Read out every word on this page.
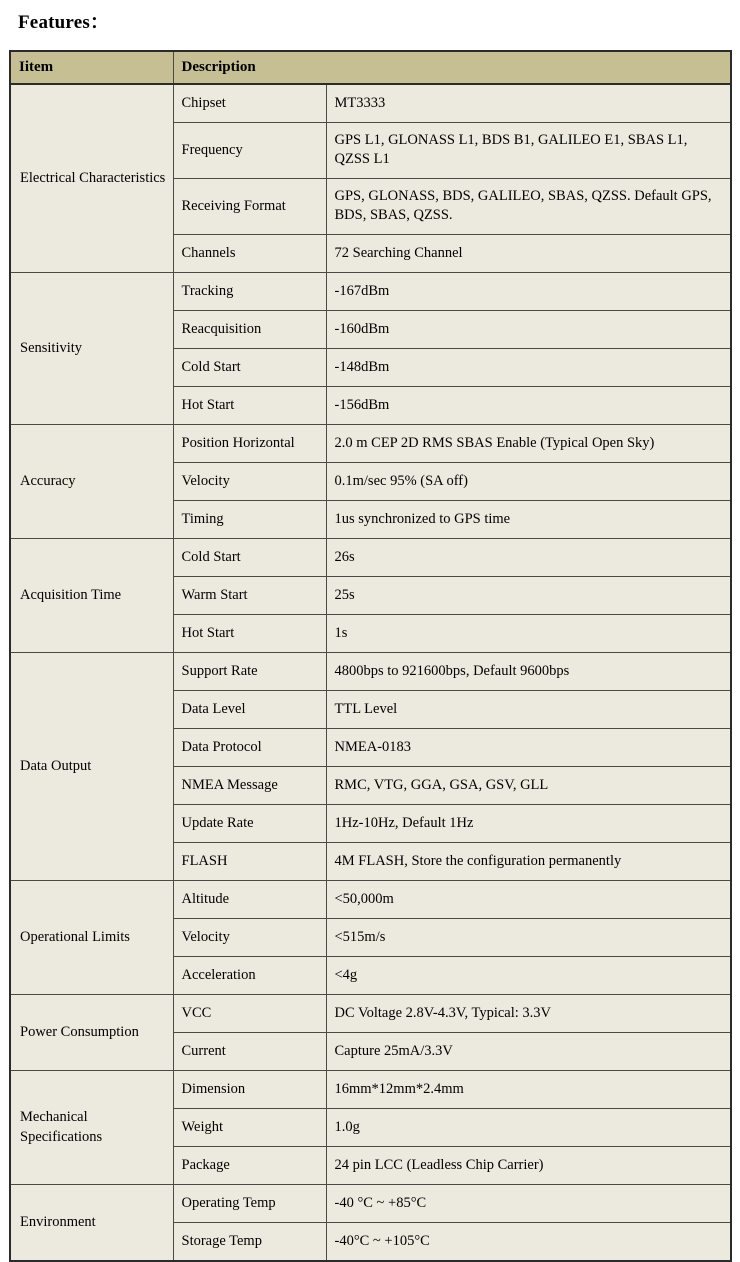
Features：
Iitem	Description	
Electrical Characteristics	Chipset	MT3333
	Frequency	GPS L1, GLONASS L1, BDS B1, GALILEO E1, SBAS L1, QZSS L1
	Receiving Format	GPS, GLONASS, BDS, GALILEO, SBAS, QZSS. Default GPS, BDS, SBAS, QZSS.
	Channels	72 Searching Channel
Sensitivity	Tracking	-167dBm
	Reacquisition	-160dBm
	Cold Start	-148dBm
	Hot Start	-156dBm
Accuracy	Position Horizontal	2.0 m CEP 2D RMS SBAS Enable (Typical Open Sky)
	Velocity	0.1m/sec 95% (SA off)
	Timing	1us synchronized to GPS time
Acquisition Time	Cold Start	26s
	Warm Start	25s
	Hot Start	1s
Data Output	Support Rate	4800bps to 921600bps, Default 9600bps
	Data Level	TTL Level
	Data Protocol	NMEA-0183
	NMEA Message	RMC, VTG, GGA, GSA, GSV, GLL
	Update Rate	1Hz-10Hz, Default 1Hz
	FLASH	4M FLASH, Store the configuration permanently
Operational Limits	Altitude	<50,000m
	Velocity	<515m/s
	Acceleration	<4g
Power Consumption	VCC	DC Voltage 2.8V-4.3V, Typical: 3.3V
	Current	Capture 25mA/3.3V
Mechanical Specifications	Dimension	16mm*12mm*2.4mm
	Weight	1.0g
	Package	24 pin LCC (Leadless Chip Carrier)
Environment	Operating Temp	-40 °C ~ +85°C
	Storage Temp	-40°C ~ +105°C
